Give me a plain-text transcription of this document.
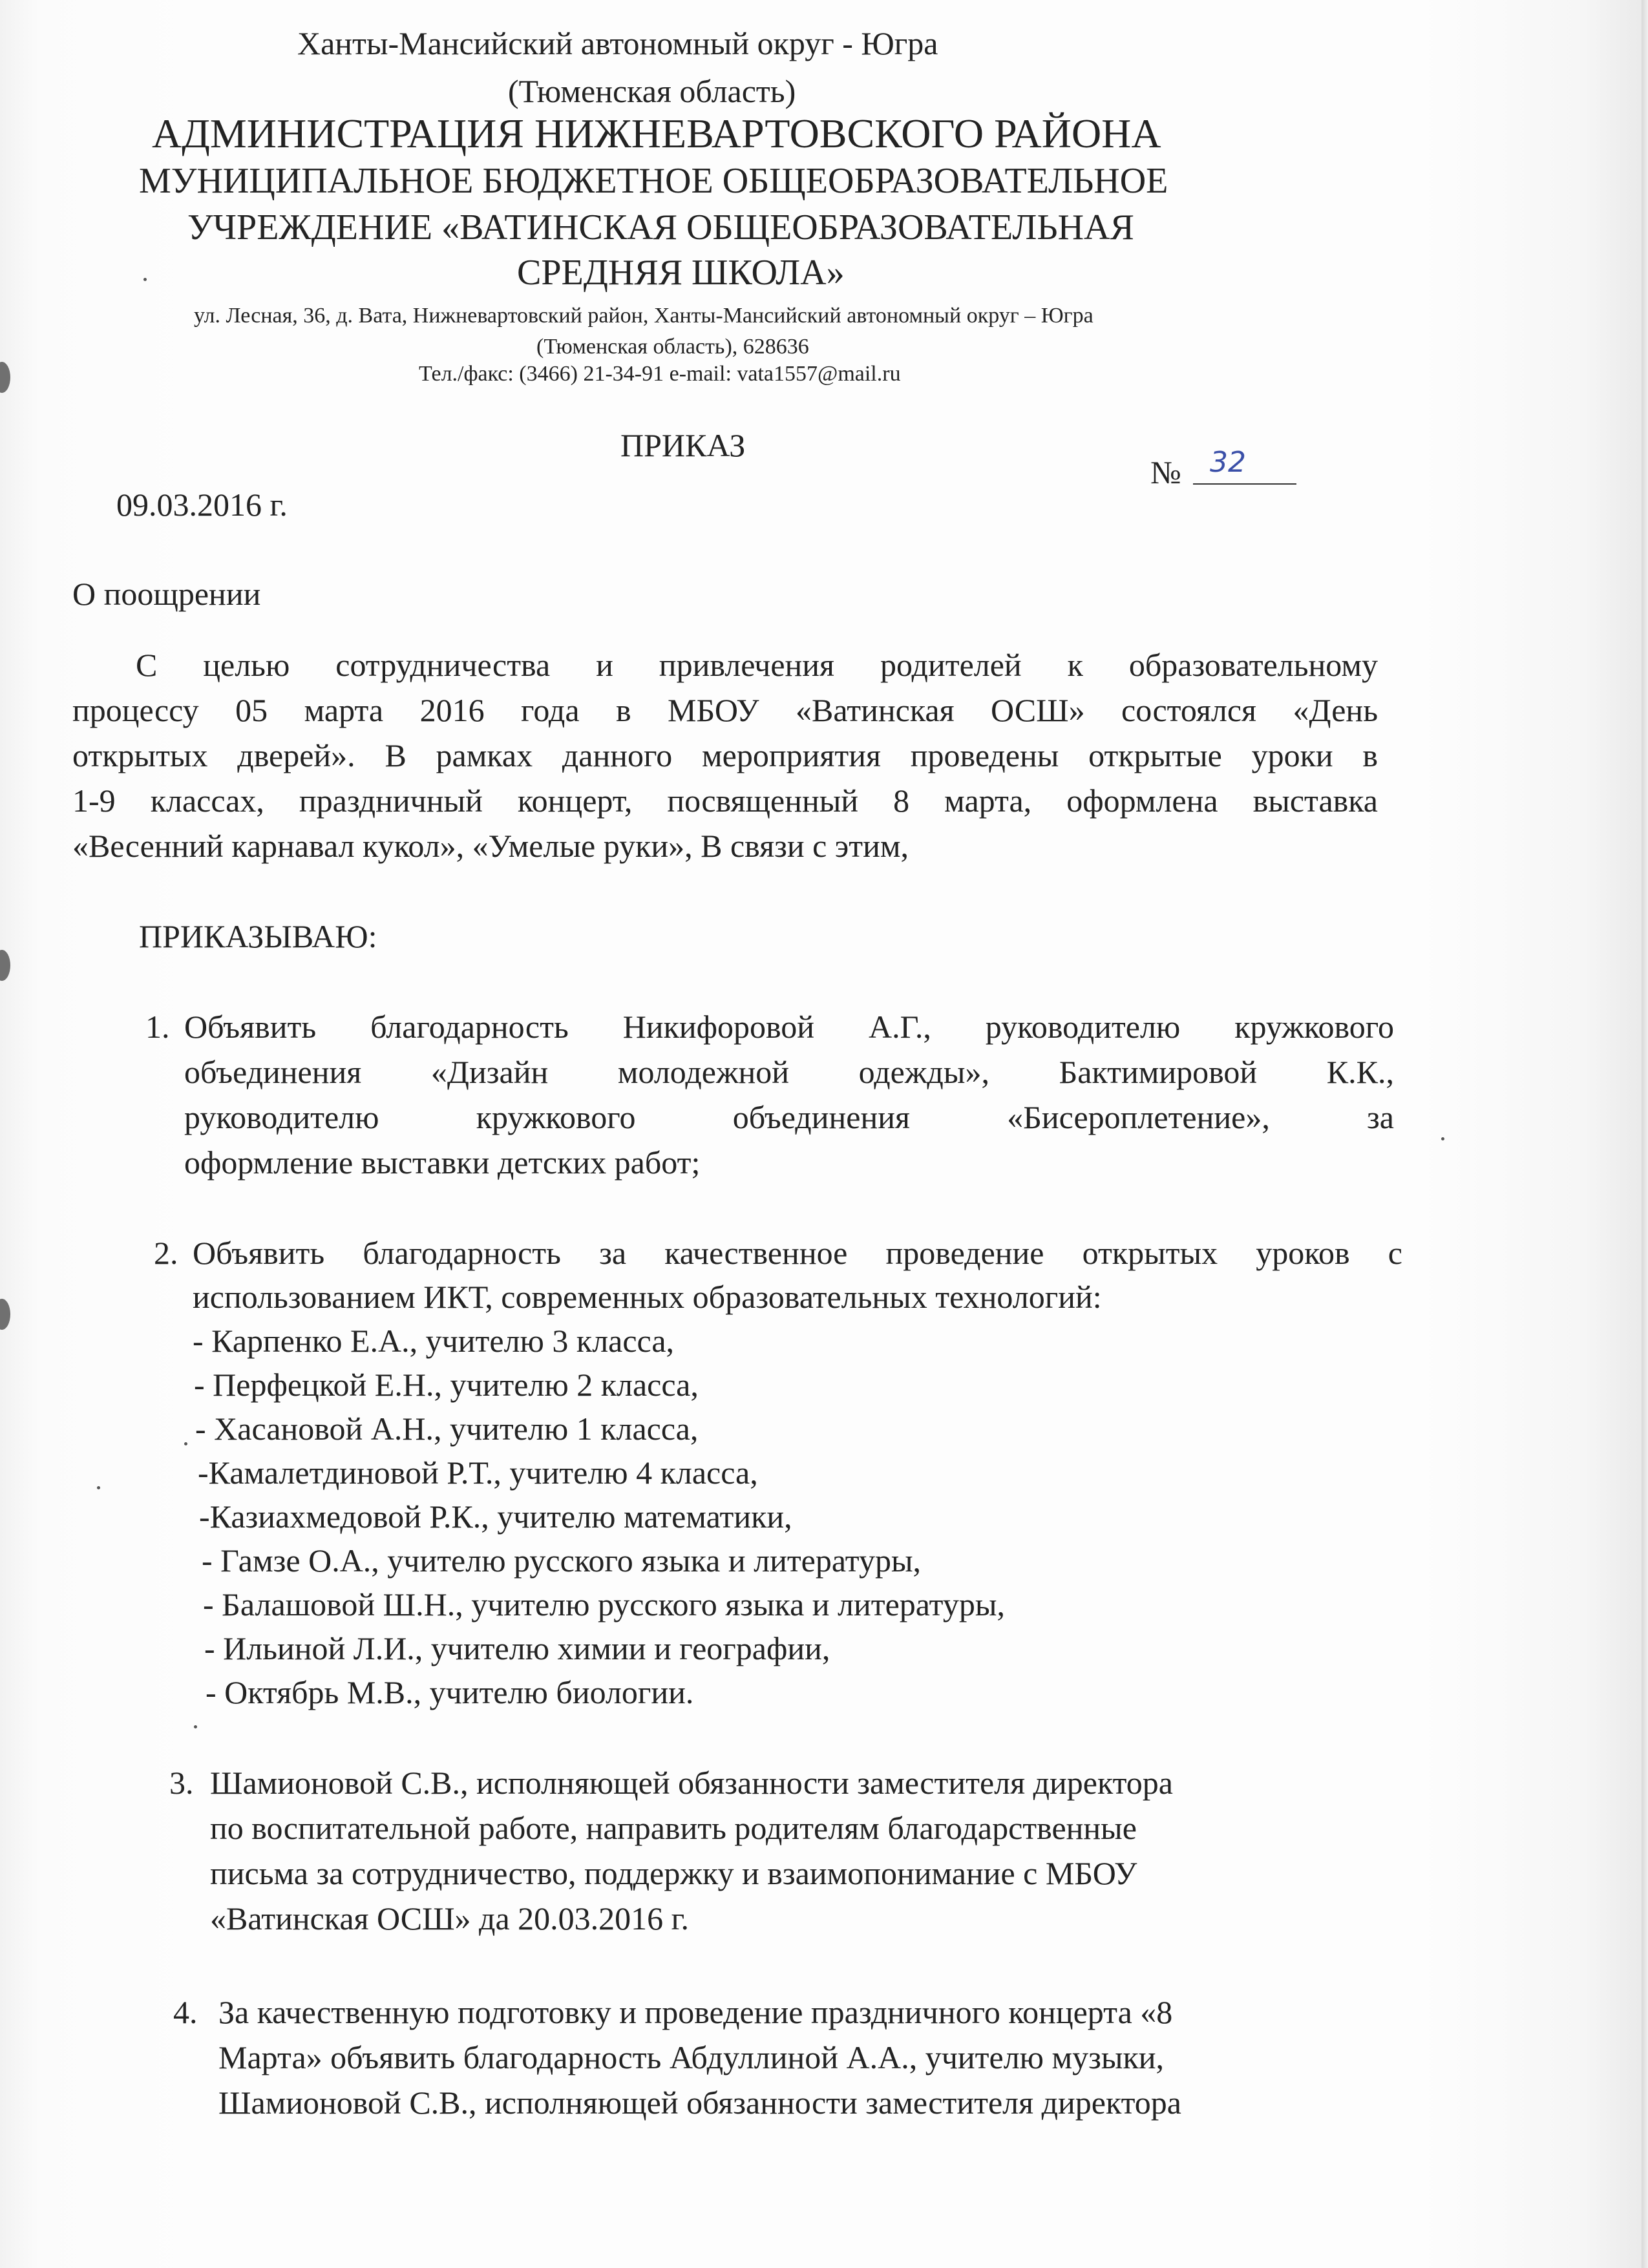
Ханты-Мансийский автономный округ - Югра
(Тюменская область)
АДМИНИСТРАЦИЯ НИЖНЕВАРТОВСКОГО РАЙОНА
МУНИЦИПАЛЬНОЕ БЮДЖЕТНОЕ ОБЩЕОБРАЗОВАТЕЛЬНОЕ
УЧРЕЖДЕНИЕ «ВАТИНСКАЯ ОБЩЕОБРАЗОВАТЕЛЬНАЯ
СРЕДНЯЯ ШКОЛА»
ул. Лесная, 36, д. Вата, Нижневартовский район, Ханты-Мансийский автономный округ – Югра
(Тюменская область), 628636
Тел./факс: (3466) 21-34-91 e-mail: vata1557@mail.ru
ПРИКАЗ
09.03.2016 г.
№ 32
О поощрении
С целью сотрудничества и привлечения родителей к образовательному
процессу 05 марта 2016 года в МБОУ «Ватинская ОСШ» состоялся «День
открытых дверей». В рамках данного мероприятия проведены открытые уроки в
1-9 классах, праздничный концерт, посвященный 8 марта, оформлена выставка
«Весенний карнавал кукол», «Умелые руки», В связи с этим,
ПРИКАЗЫВАЮ:
1. Объявить благодарность Никифоровой А.Г., руководителю кружкового
объединения «Дизайн молодежной одежды», Бактимировой К.К.,
руководителю кружкового объединения «Бисероплетение», за
оформление выставки детских работ;
2. Объявить благодарность за качественное проведение открытых уроков с
использованием ИКТ, современных образовательных технологий:
- Карпенко Е.А., учителю 3 класса,
- Перфецкой Е.Н., учителю 2 класса,
- Хасановой А.Н., учителю 1 класса,
-Камалетдиновой Р.Т., учителю 4 класса,
-Казиахмедовой Р.К., учителю математики,
- Гамзе О.А., учителю русского языка и литературы,
- Балашовой Ш.Н., учителю русского языка и литературы,
- Ильиной Л.И., учителю химии и географии,
- Октябрь М.В., учителю биологии.
3. Шамионовой С.В., исполняющей обязанности заместителя директора
по воспитательной работе, направить родителям благодарственные
письма за сотрудничество, поддержку и взаимопонимание с МБОУ
«Ватинская ОСШ» да 20.03.2016 г.
4. За качественную подготовку и проведение праздничного концерта «8
Марта» объявить благодарность Абдуллиной А.А., учителю музыки,
Шамионовой С.В., исполняющей обязанности заместителя директора
